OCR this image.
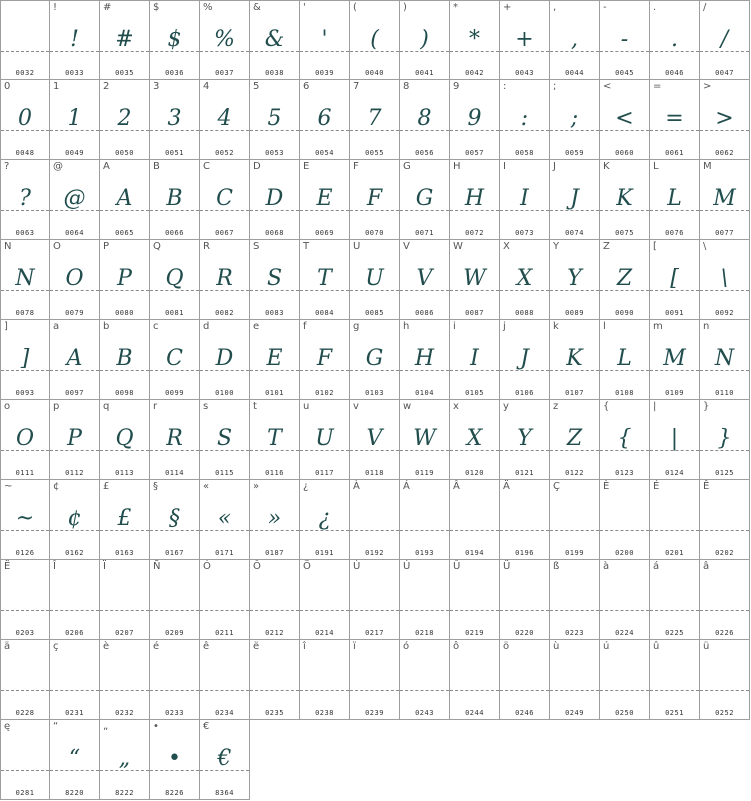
0032
!
!
0033
#
#
0035
$
$
0036
%
%
0037
&
&
0038
'
'
0039
(
(
0040
)
)
0041
*
*
0042
+
+
0043
,
,
0044
-
-
0045
.
.
0046
/
/
0047
0
0
0048
1
1
0049
2
2
0050
3
3
0051
4
4
0052
5
5
0053
6
6
0054
7
7
0055
8
8
0056
9
9
0057
:
:
0058
;
;
0059
<
<
0060
=
=
0061
>
>
0062
?
?
0063
@
@
0064
A
A
0065
B
B
0066
C
C
0067
D
D
0068
E
E
0069
F
F
0070
G
G
0071
H
H
0072
I
I
0073
J
J
0074
K
K
0075
L
L
0076
M
M
0077
N
N
0078
O
O
0079
P
P
0080
Q
Q
0081
R
R
0082
S
S
0083
T
T
0084
U
U
0085
V
V
0086
W
W
0087
X
X
0088
Y
Y
0089
Z
Z
0090
[
[
0091
\
\
0092
]
]
0093
a
A
0097
b
B
0098
c
C
0099
d
D
0100
e
E
0101
f
F
0102
g
G
0103
h
H
0104
i
I
0105
j
J
0106
k
K
0107
l
L
0108
m
M
0109
n
N
0110
o
O
0111
p
P
0112
q
Q
0113
r
R
0114
s
S
0115
t
T
0116
u
U
0117
v
V
0118
w
W
0119
x
X
0120
y
Y
0121
z
Z
0122
{
{
0123
|
|
0124
}
}
0125
~
~
0126
¢
¢
0162
£
£
0163
§
§
0167
«
«
0171
»
»
0187
¿
¿
0191
À
0192
Á
0193
Â
0194
Ä
0196
Ç
0199
È
0200
É
0201
Ê
0202
Ë
0203
Î
0206
Ï
0207
Ñ
0209
Ó
0211
Ô
0212
Ö
0214
Ù
0217
Ú
0218
Û
0219
Ü
0220
ß
0223
à
0224
á
0225
â
0226
ä
0228
ç
0231
è
0232
é
0233
ê
0234
ë
0235
î
0238
ï
0239
ó
0243
ô
0244
ö
0246
ù
0249
ú
0250
û
0251
ü
0252
ę
0281
“
“
8220
„
„
8222
•
•
8226
€
€
8364
